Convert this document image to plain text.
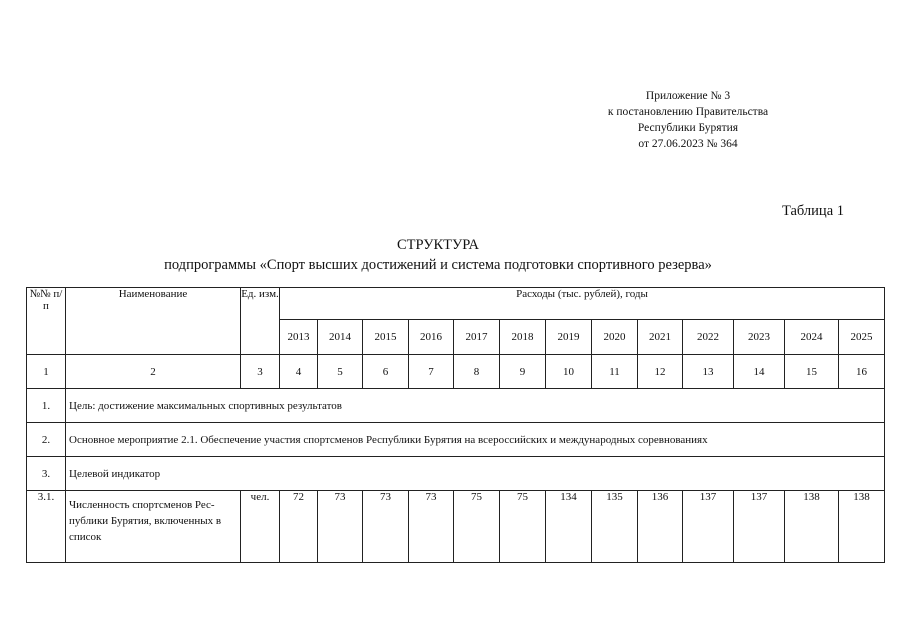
Приложение № 3
к постановлению Правительства
Республики Бурятия
от 27.06.2023 № 364
Таблица 1
СТРУКТУРА
подпрограммы «Спорт высших достижений и система подготовки спортивного резерва»
№№ п/п	Наименование	Ед. изм.	Расходы (тыс. рублей), годы												
			2013	2014	2015	2016	2017	2018	2019	2020	2021	2022	2023	2024	2025
1	2	3	4	5	6	7	8	9	10	11	12	13	14	15	16
1.	Цель: достижение максимальных спортивных результатов														
2.	Основное мероприятие 2.1. Обеспечение участия спортсменов Республики Бурятия на всероссийских и международных соревнованиях														
3.	Целевой индикатор														
3.1.	Численность спортсменов Рес-публики Бурятия, включенных в список	чел.	72	73	73	73	75	75	134	135	136	137	137	138	138
